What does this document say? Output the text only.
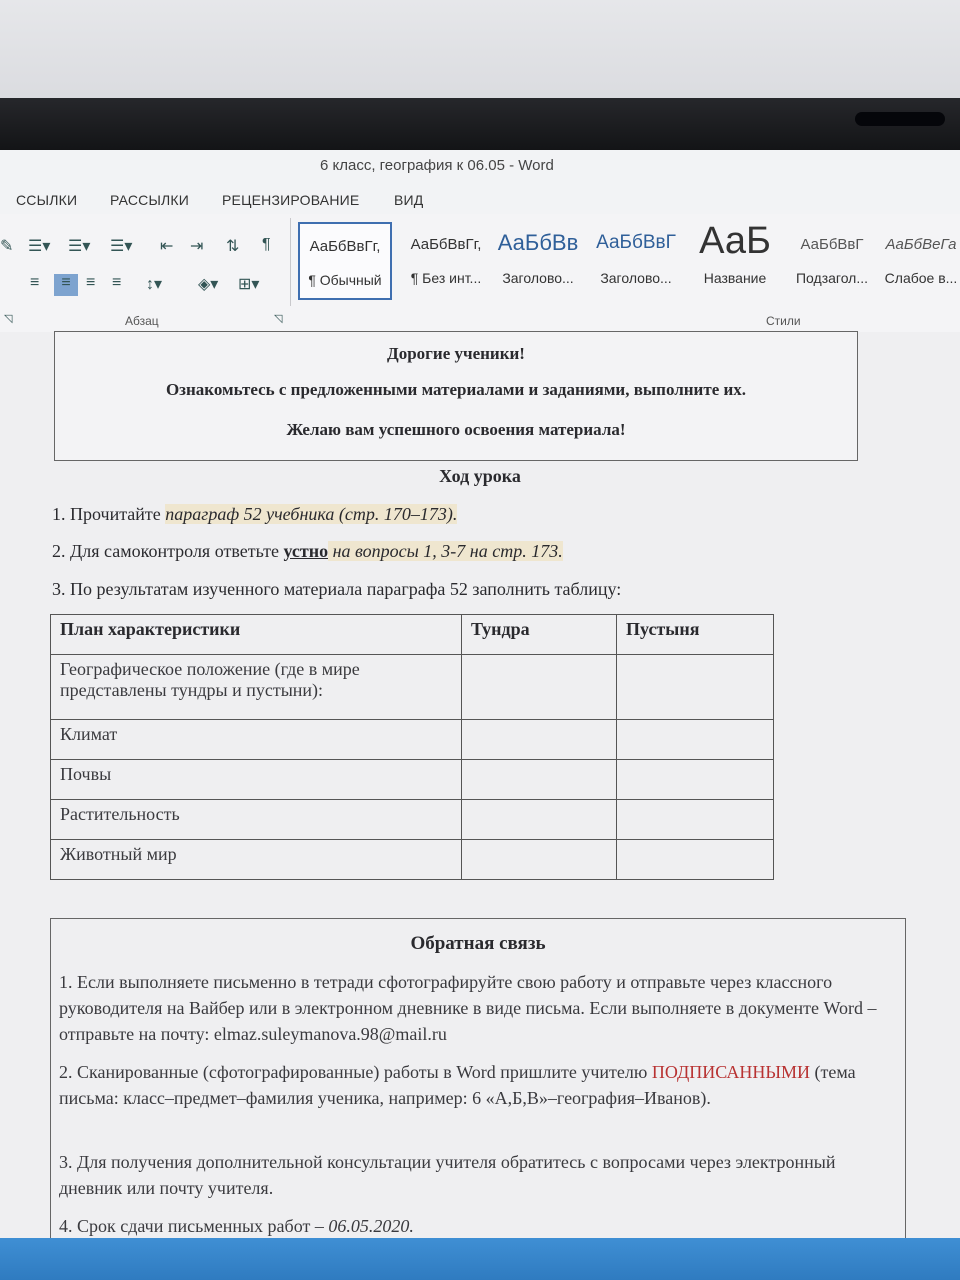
6 класс, география к 06.05 - Word
ССЫЛКИ РАССЫЛКИ РЕЦЕНЗИРОВАНИЕ ВИД
✎ ☰▾ ☰▾ ☰▾ ⇤ ⇥ ⇅ ¶
≡	≡ ≡ ≡ ↕▾ ◈▾ ⊞▾
Абзац
◹	◹
АаБбВвГг,
¶ Обычный
АаБбВвГг,
¶ Без инт...
АаБбВв
Заголово...
АаБбВвГ
Заголово...
АаБ
Название
АаБбВвГ
Подзагол...
АаБбВеГа
Слабое в...
Стили

Дорогие ученики!

Ознакомьтесь с предложенными материалами и заданиями, выполните их.

Желаю вам успешного освоения материала!

Ход урока
1. Прочитайте параграф 52 учебника (стр. 170–173).
2. Для самоконтроля ответьте устно на вопросы 1, 3-7 на стр. 173.
3. По результатам изученного материала параграфа 52 заполнить таблицу:
План характеристики	Тундра	Пустыня
Географическое положение (где в мире представлены тундры и пустыни):		
Климат		
Почвы		
Растительность		
Животный мир		
Обратная связь
1. Если выполняете письменно в тетради сфотографируйте свою работу и отправьте через классного руководителя на Вайбер или в электронном дневнике в виде письма. Если выполняете в документе Word – отправьте на почту: elmaz.suleymanova.98@mail.ru
2. Сканированные (сфотографированные) работы в Word пришлите учителю ПОДПИСАННЫМИ (тема письма: класс–предмет–фамилия ученика, например: 6 «А,Б,В»–география–Иванов).
3. Для получения дополнительной консультации учителя обратитесь с вопросами через электронный дневник или почту учителя.
4. Срок сдачи письменных работ – 06.05.2020.
